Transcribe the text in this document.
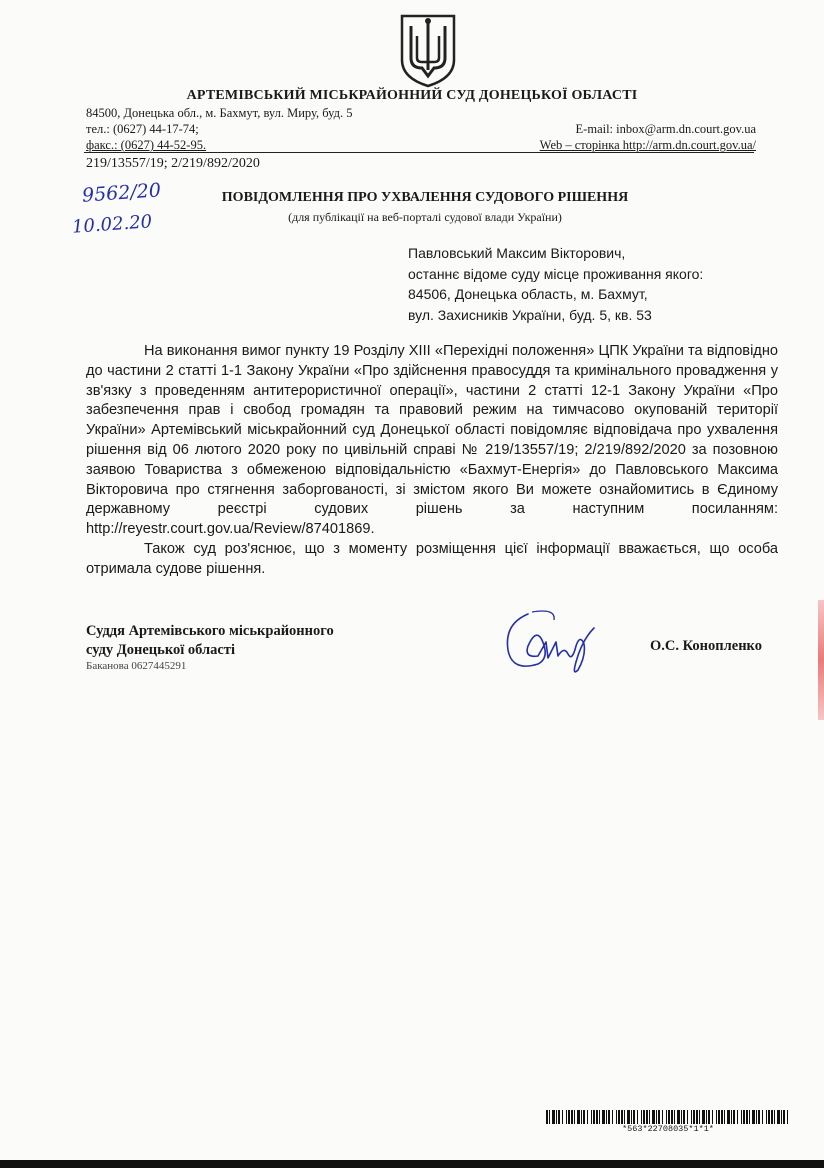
АРТЕМІВСЬКИЙ МІСЬКРАЙОННИЙ СУД ДОНЕЦЬКОЇ ОБЛАСТІ
84500, Донецька обл., м. Бахмут, вул. Миру, буд. 5
тел.: (0627) 44-17-74;
факс.: (0627) 44-52-95.
E-mail: inbox@arm.dn.court.gov.ua
Web – сторінка http://arm.dn.court.gov.ua/
219/13557/19; 2/219/892/2020
9562/20
10.02.20
ПОВІДОМЛЕННЯ ПРО УХВАЛЕННЯ СУДОВОГО РІШЕННЯ
(для публікації на веб-порталі судової влади України)
Павловський Максим Вікторович,
останнє відоме суду місце проживання якого:
84506, Донецька область, м. Бахмут,
вул. Захисників України, буд. 5, кв. 53

На виконання вимог пункту 19 Розділу ХІІІ «Перехідні положення» ЦПК України та відповідно до частини 2 статті 1-1 Закону України «Про здійснення правосуддя та кримінального провадження у зв'язку з проведенням антитерористичної операції», частини 2 статті 12-1 Закону України «Про забезпечення прав і свобод громадян та правовий режим на тимчасово окупованій території України» Артемівський міськрайонний суд Донецької області повідомляє відповідача про ухвалення рішення від 06 лютого 2020 року по цивільній справі № 219/13557/19; 2/219/892/2020 за позовною заявою Товариства з обмеженою відповідальністю «Бахмут-Енергія» до Павловського Максима Вікторовича про стягнення заборгованості, зі змістом якого Ви можете ознайомитись в Єдиному державному реєстрі судових рішень за наступним посиланням: http://reyestr.court.gov.ua/Review/87401869.

Також суд роз'яснює, що з моменту розміщення цієї інформації вважається, що особа отримала судове рішення.

Суддя Артемівського міськрайонного
суду Донецької області
Баканова 0627445291
О.С. Конопленко
*563*22708035*1*1*
